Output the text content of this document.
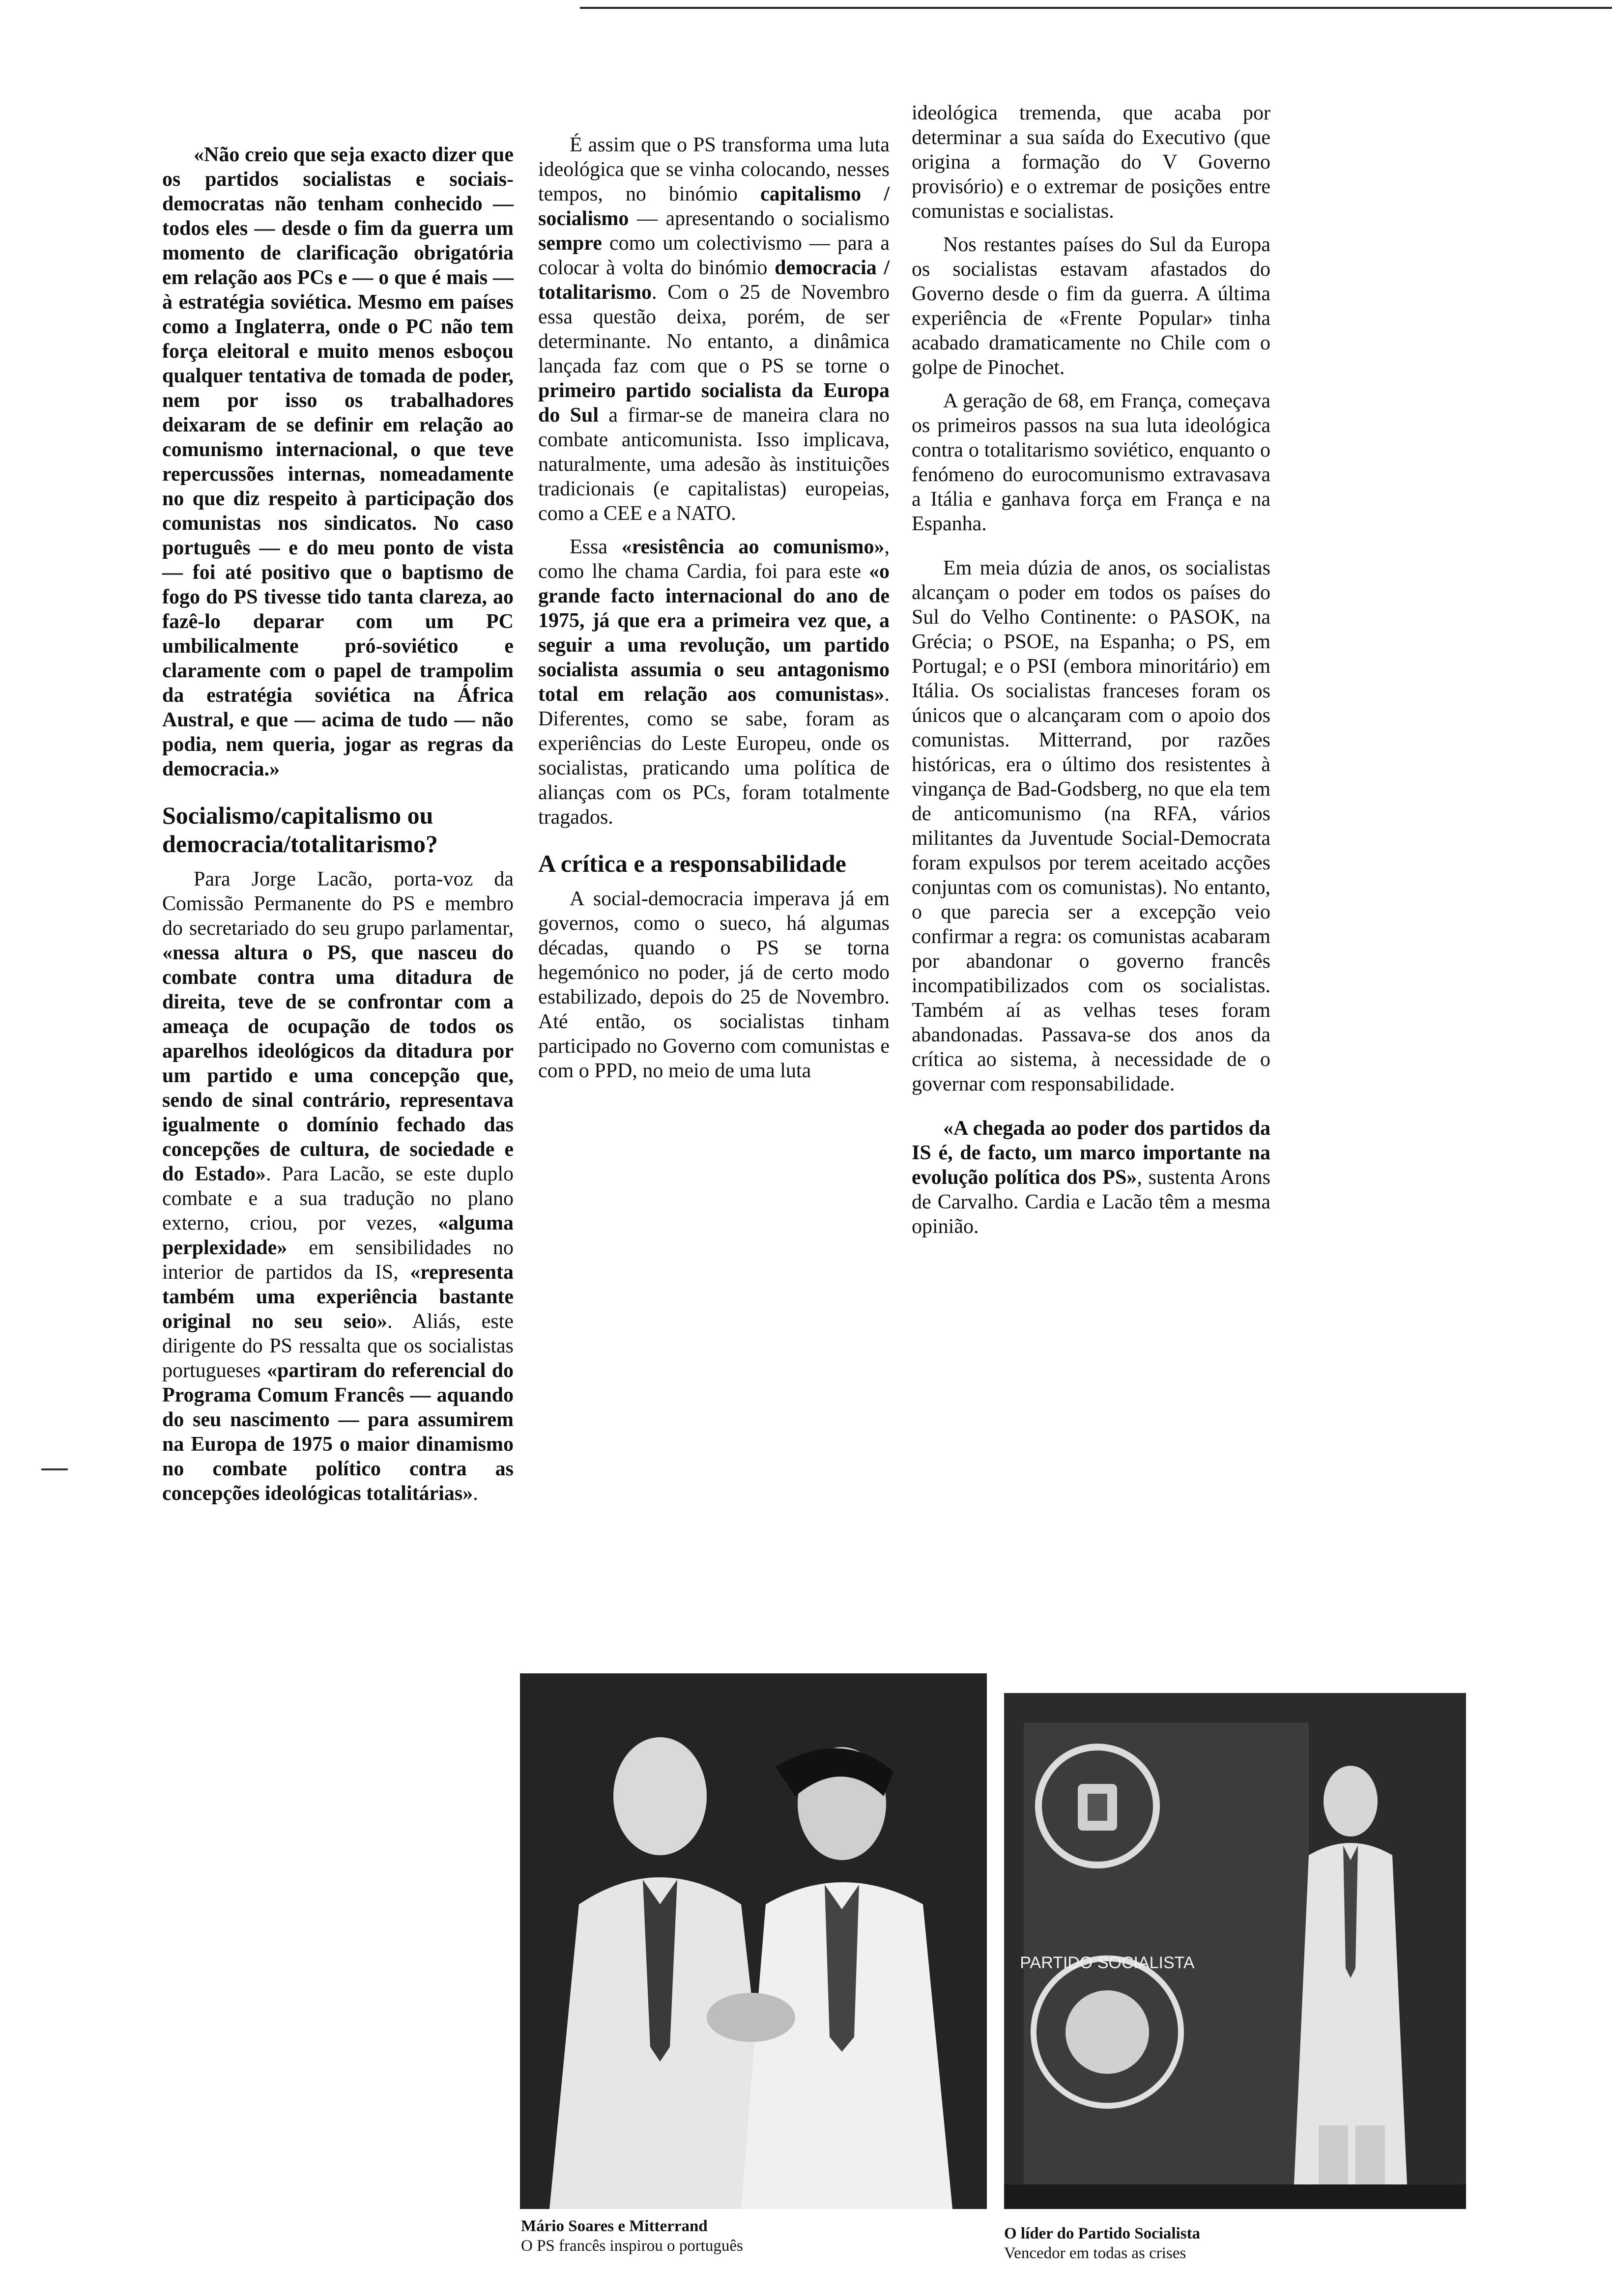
«Não creio que seja exacto dizer que os partidos socialistas e sociais-democratas não tenham conhecido — todos eles — desde o fim da guerra um momento de clarificação obrigatória em relação aos PCs e — o que é mais — à estratégia soviética. Mesmo em países como a Inglaterra, onde o PC não tem força eleitoral e muito menos esboçou qualquer tentativa de tomada de poder, nem por isso os trabalhadores deixaram de se definir em relação ao comunismo internacional, o que teve repercussões internas, nomeadamente no que diz respeito à participação dos comunistas nos sindicatos. No caso português — e do meu ponto de vista — foi até positivo que o baptismo de fogo do PS tivesse tido tanta clareza, ao fazê-lo deparar com um PC umbilicalmente pró-soviético e claramente com o papel de trampolim da estratégia soviética na África Austral, e que — acima de tudo — não podia, nem queria, jogar as regras da democracia.»

Socialismo/capitalismo ou democracia/totalitarismo?

Para Jorge Lacão, porta-voz da Comissão Permanente do PS e membro do secretariado do seu grupo parlamentar, «nessa altura o PS, que nasceu do combate contra uma ditadura de direita, teve de se confrontar com a ameaça de ocupação de todos os aparelhos ideológicos da ditadura por um partido e uma concepção que, sendo de sinal contrário, representava igualmente o domínio fechado das concepções de cultura, de sociedade e do Estado». Para Lacão, se este duplo combate e a sua tradução no plano externo, criou, por vezes, «alguma perplexidade» em sensibilidades no interior de partidos da IS, «representa também uma experiência bastante original no seu seio». Aliás, este dirigente do PS ressalta que os socialistas portugueses «partiram do referencial do Programa Comum Francês — aquando do seu nascimento — para assumirem na Europa de 1975 o maior dinamismo no combate político contra as concepções ideológicas totalitárias».

É assim que o PS transforma uma luta ideológica que se vinha colocando, nesses tempos, no binómio capitalismo / socialismo — apresentando o socialismo sempre como um colectivismo — para a colocar à volta do binómio democracia / totalitarismo. Com o 25 de Novembro essa questão deixa, porém, de ser determinante. No entanto, a dinâmica lançada faz com que o PS se torne o primeiro partido socialista da Europa do Sul a firmar-se de maneira clara no combate anticomunista. Isso implicava, naturalmente, uma adesão às instituições tradicionais (e capitalistas) europeias, como a CEE e a NATO.

Essa «resistência ao comunismo», como lhe chama Cardia, foi para este «o grande facto internacional do ano de 1975, já que era a primeira vez que, a seguir a uma revolução, um partido socialista assumia o seu antagonismo total em relação aos comunistas». Diferentes, como se sabe, foram as experiências do Leste Europeu, onde os socialistas, praticando uma política de alianças com os PCs, foram totalmente tragados.

A crítica e a responsabilidade

A social-democracia imperava já em governos, como o sueco, há algumas décadas, quando o PS se torna hegemónico no poder, já de certo modo estabilizado, depois do 25 de Novembro. Até então, os socialistas tinham participado no Governo com comunistas e com o PPD, no meio de uma luta

ideológica tremenda, que acaba por determinar a sua saída do Executivo (que origina a formação do V Governo provisório) e o extremar de posições entre comunistas e socialistas.

Nos restantes países do Sul da Europa os socialistas estavam afastados do Governo desde o fim da guerra. A última experiência de «Frente Popular» tinha acabado dramaticamente no Chile com o golpe de Pinochet.

A geração de 68, em França, começava os primeiros passos na sua luta ideológica contra o totalitarismo soviético, enquanto o fenómeno do eurocomunismo extravasava a Itália e ganhava força em França e na Espanha.

Em meia dúzia de anos, os socialistas alcançam o poder em todos os países do Sul do Velho Continente: o PASOK, na Grécia; o PSOE, na Espanha; o PS, em Portugal; e o PSI (embora minoritário) em Itália. Os socialistas franceses foram os únicos que o alcançaram com o apoio dos comunistas. Mitterrand, por razões históricas, era o último dos resistentes à vingança de Bad-Godsberg, no que ela tem de anticomunismo (na RFA, vários militantes da Juventude Social-Democrata foram expulsos por terem aceitado acções conjuntas com os comunistas). No entanto, o que parecia ser a excepção veio confirmar a regra: os comunistas acabaram por abandonar o governo francês incompatibilizados com os socialistas. Também aí as velhas teses foram abandonadas. Passava-se dos anos da crítica ao sistema, à necessidade de o governar com responsabilidade.

«A chegada ao poder dos partidos da IS é, de facto, um marco importante na evolução política dos PS», sustenta Arons de Carvalho. Cardia e Lacão têm a mesma opinião.

Mário Soares e Mitterrand
O PS francês inspirou o português
PARTIDO SOCIALISTA
O líder do Partido Socialista
Vencedor em todas as crises
